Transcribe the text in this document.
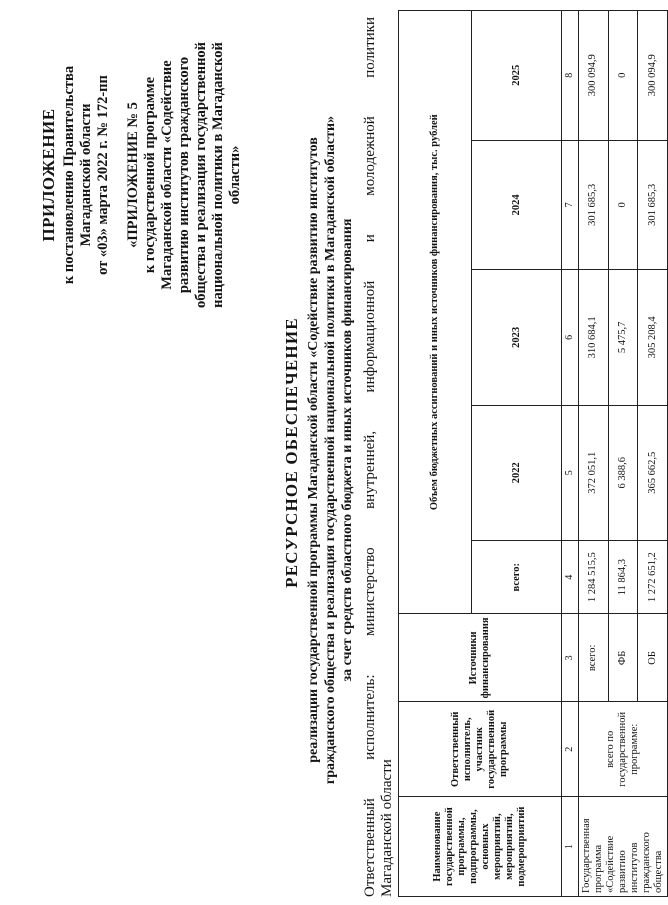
ПРИЛОЖЕНИЕ к постановлению Правительства Магаданской области от «03» марта 2022 г. № 172-пп «ПРИЛОЖЕНИЕ № 5 к государственной программе Магаданской области «Содействие развитию институтов гражданского общества и реализация государственной национальной политики в Магаданской области»
РЕСУРСНОЕ ОБЕСПЕЧЕНИЕ реализации государственной программы Магаданской области «Содействие развитию институтов гражданского общества и реализация государственной национальной политики в Магаданской области» за счет средств областного бюджета и иных источников финансирования Ответственный исполнитель: министерство внутренней, информационной и молодежной политики Магаданской области	Наименование государственной программы, подпрограммы, основных мероприятий, мероприятий, подмероприятий	Ответственный исполнитель, участник государственной программы	Источники финансирования	Объем бюджетных ассигнований и иных источников финансирования, тыс. рублей				
			всего:	2022	2023	2024	2025
1	2	3	4	5	6	7	8
Государственная программа «Содействие развитию институтов гражданского общества	всего по государственной программе:	всего:	1 284 515,5	372 051,1	310 684,1	301 685,3	300 094,9
		ФБ	11 864,3	6 388,6	5 475,7	0	0
		ОБ	1 272 651,2	365 662,5	305 208,4	301 685,3	300 094,9
